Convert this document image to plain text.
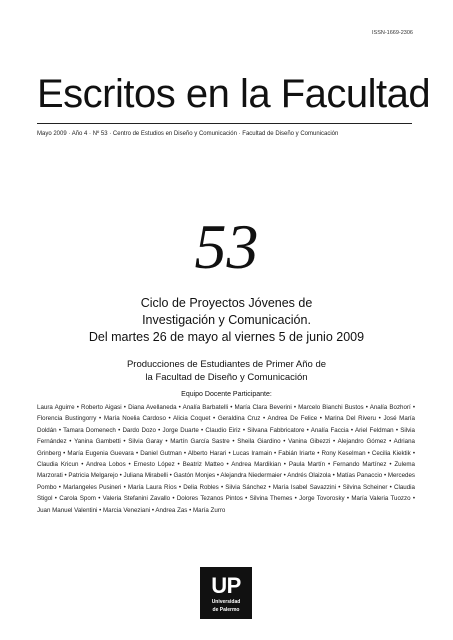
ISSN-1669-2306
Escritos en la Facultad
Mayo 2009 · Año 4 · Nº 53 · Centro de Estudios en Diseño y Comunicación · Facultad de Diseño y Comunicación
53
Ciclo de Proyectos Jóvenes de
Investigación y Comunicación.
Del martes 26 de mayo al viernes 5 de junio 2009
Producciones de Estudiantes de Primer Año de
la Facultad de Diseño y Comunicación
Equipo Docente Participante:
Laura Aguirre • Roberto Aigasi • Diana Avellaneda • Analía Barbatelli • María Clara Beverini • Marcelo Bianchi Bustos • Analía Bozhorí • Florencia Bustingorry • María Noelia Cardoso • Alicia Coquet • Geraldina Cruz • Andrea De Felice • Marina Del Riveru • José María Doldán • Tamara Domenech • Dardo Dozo • Jorge Duarte • Claudio Eiriz • Silvana Fabbricatore • Analía Faccia • Ariel Feldman • Silvia Fernández • Yanina Gambetti • Silvia Garay • Martín García Sastre • Sheila Giardino • Vanina Gibezzi • Alejandro Gómez • Adriana Grinberg • María Eugenia Guevara • Daniel Gutman • Alberto Harari • Lucas Iramain • Fabián Iriarte • Rony Keselman • Cecilia Kiektik • Claudia Kricun • Andrea Lobos • Ernesto López • Beatriz Matteo • Andrea Mardikian • Paula Martín • Fernando Martínez • Zulema Marzorati • Patricia Melgarejo • Juliana Mirabelli • Gastón Monjes • Alejandra Niedermaier • Andrés Olaizola • Matías Panaccio • Mercedes Pombo • Marlangeles Pusineri • María Laura Ríos • Delia Robles • Silvia Sánchez • María Isabel Savazzini • Silvina Scheiner • Claudia Stigol • Carola Spom • Valeria Stefanini Zavallo • Dolores Tezanos Pintos • Silvina Themes • Jorge Tovorosky • María Valeria Tuozzo • Juan Manuel Valentini • Marcia Veneziani • Andrea Zas • María Zurro
UP
Universidad
de Palermo
